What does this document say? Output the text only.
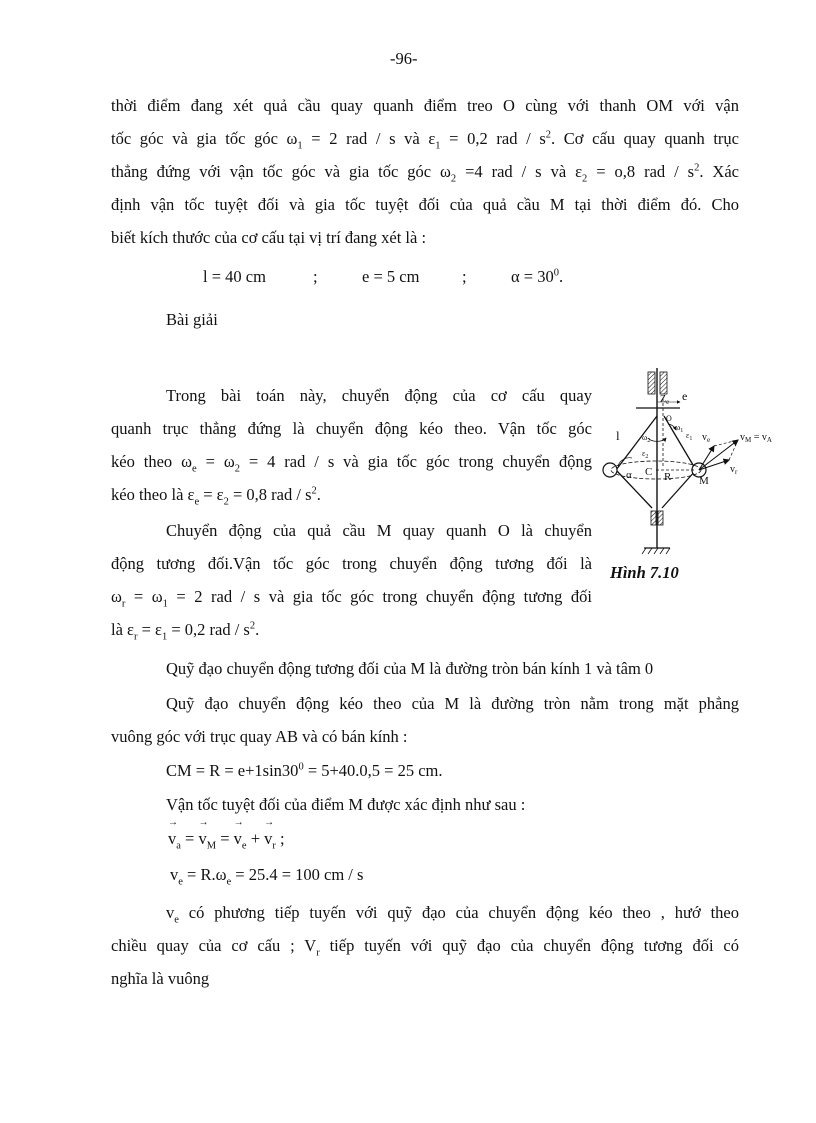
-96-
thời điểm đang xét quả cầu quay quanh điểm treo O cùng với thanh OM với vận
tốc góc và gia tốc góc $\omega_1 = 2$ rad / s và $\varepsilon_1 = 0,2$ rad / $s^2$. Cơ cấu quay quanh trục
thẳng đứng với vận tốc góc và gia tốc góc $\omega_2 =4$ rad / s và $\varepsilon_2 = o,8$ rad / $s^2$. Xác
định vận tốc tuyệt đối và gia tốc tuyệt đối của quả cầu M tại thời điểm đó. Cho
biết kích thước của cơ cấu tại vị trí đang xét là :
l = 40 cm	;	e = 5 cm	;	$\alpha = 30^0$.
Bài giải
Trong bài toán này, chuyển động của cơ cấu quay
quanh trục thẳng đứng là chuyển động kéo theo. Vận tốc góc
kéo theo $\omega_e = \omega_2 = 4$ rad / s và gia tốc góc trong chuyển động
kéo theo là $\varepsilon_e = \varepsilon_2 = 0,8$ rad / $s^2$.
Chuyển động của quả cầu M quay quanh O là chuyển
động tương đối.Vận tốc góc trong chuyển động tương đối là
$\omega_r = \omega_1 = 2$ rad / s và gia tốc góc trong chuyển động tương đối
là $\varepsilon_r = \varepsilon_1 = 0,2$ rad / $s^2$.
Quỹ đạo chuyển động tương đối của M là đường tròn bán kính 1 và tâm 0
Quỹ đạo chuyển động kéo theo của M là đường tròn nằm trong mặt phẳng
vuông góc với trục quay AB và có bán kính :
CM = $R = e+1\sin 30^0 = 5+40.0,5 = 25$ cm.
Vận tốc tuyệt đối của điểm M được xác định như sau :
→ $v_a$ = → $v_M$ = → $v_e$ + → $v_r$ ;
$v_e = R.\omega_e = 25.4 = 100$ cm / s
$v_e$ có phương tiếp tuyến với quỹ đạo của chuyển động kéo theo , hướ theo
chiều quay của cơ cấu ; $V_r$ tiếp tuyến với quỹ đạo của chuyển động tương đối có
nghĩa là vuông
$Z_e$ e
O
$\omega_1$ $\varepsilon_1$
l	$\omega_2$
$\varepsilon_2$
$v_e$	$v_M = v_A$
$v_r$
α C R	M
Hình 7.10
